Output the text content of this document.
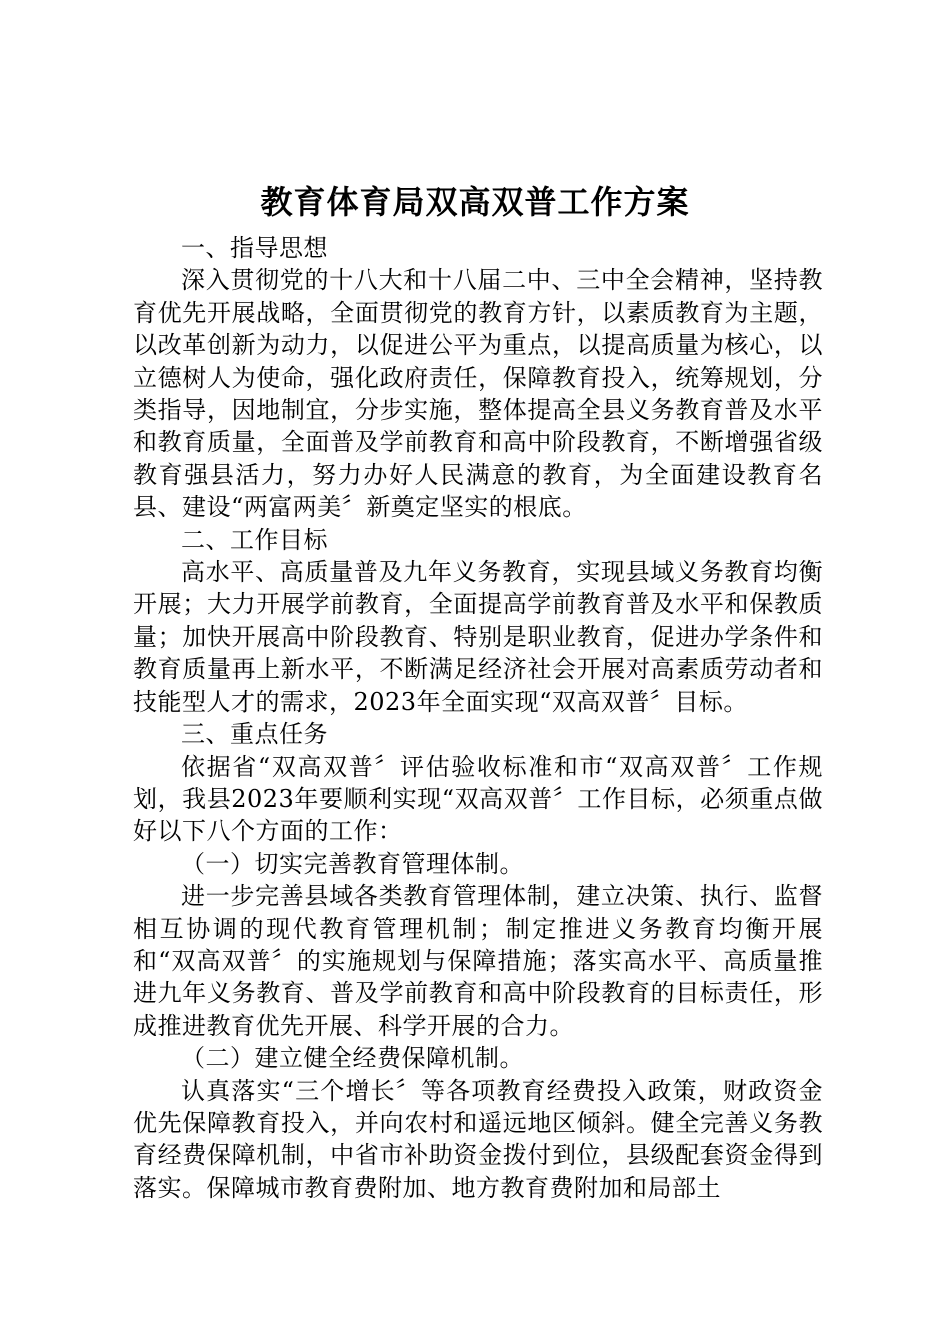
教育体育局双高双普工作方案

一、指导思想

深入贯彻党的十八大和十八届二中、三中全会精神，坚持教育优先开展战略，全面贯彻党的教育方针，以素质教育为主题，以改革创新为动力，以促进公平为重点，以提高质量为核心，以立德树人为使命，强化政府责任，保障教育投入，统筹规划，分类指导，因地制宜，分步实施，整体提高全县义务教育普及水平和教育质量，全面普及学前教育和高中阶段教育，不断增强省级教育强县活力，努力办好人民满意的教育，为全面建设教育名县、建设“两富两美〞新奠定坚实的根底。

二、工作目标

高水平、高质量普及九年义务教育，实现县域义务教育均衡开展；大力开展学前教育，全面提高学前教育普及水平和保教质量；加快开展高中阶段教育、特别是职业教育，促进办学条件和教育质量再上新水平，不断满足经济社会开展对高素质劳动者和技能型人才的需求，2023年全面实现“双高双普〞目标。

三、重点任务

依据省“双高双普〞评估验收标准和市“双高双普〞工作规划，我县2023年要顺利实现“双高双普〞工作目标，必须重点做好以下八个方面的工作：

（一）切实完善教育管理体制。

进一步完善县域各类教育管理体制，建立决策、执行、监督相互协调的现代教育管理机制；制定推进义务教育均衡开展和“双高双普〞的实施规划与保障措施；落实高水平、高质量推进九年义务教育、普及学前教育和高中阶段教育的目标责任，形成推进教育优先开展、科学开展的合力。

（二）建立健全经费保障机制。

认真落实“三个增长〞等各项教育经费投入政策，财政资金优先保障教育投入，并向农村和遥远地区倾斜。健全完善义务教育经费保障机制，中省市补助资金拨付到位，县级配套资金得到落实。保障城市教育费附加、地方教育费附加和局部土
